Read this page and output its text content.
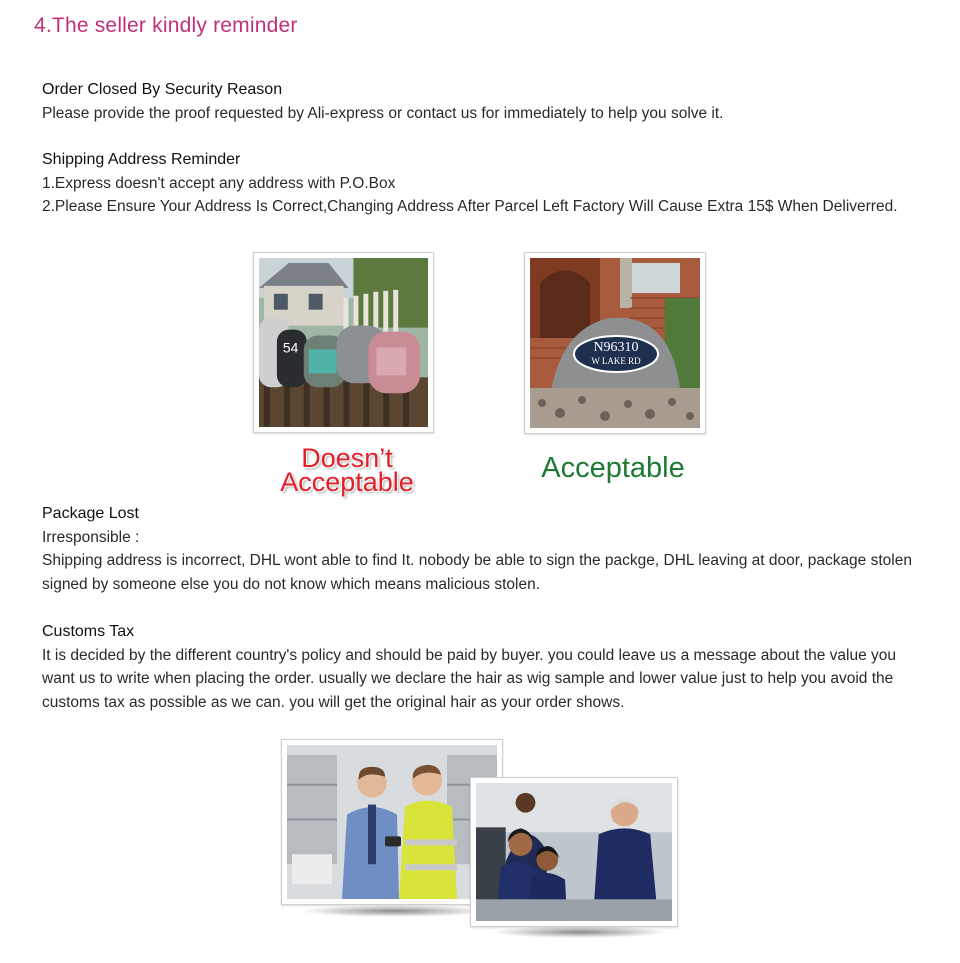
4.The seller kindly reminder
Order Closed By Security Reason
Please provide the proof requested by Ali-express or contact us for immediately to help you solve it.
Shipping Address Reminder
1.Express doesn't accept any address with P.O.Box
2.Please Ensure Your Address Is Correct,Changing Address After Parcel Left Factory Will Cause Extra 15$ When Deliverred.
54	N96310
W LAKE RD
Doesn’t
Acceptable	Acceptable
Package Lost
Irresponsible :
Shipping address is incorrect, DHL wont able to find It. nobody be able to sign the packge, DHL leaving at door, package stolen signed by someone else you do not know which means malicious stolen.
Customs Tax
It is decided by the different country's policy and should be paid by buyer. you could leave us a message about the value you want us to write when placing the order. usually we declare the hair as wig sample and lower value just to help you avoid the customs tax as possible as we can. you will get the original hair as your order shows.
